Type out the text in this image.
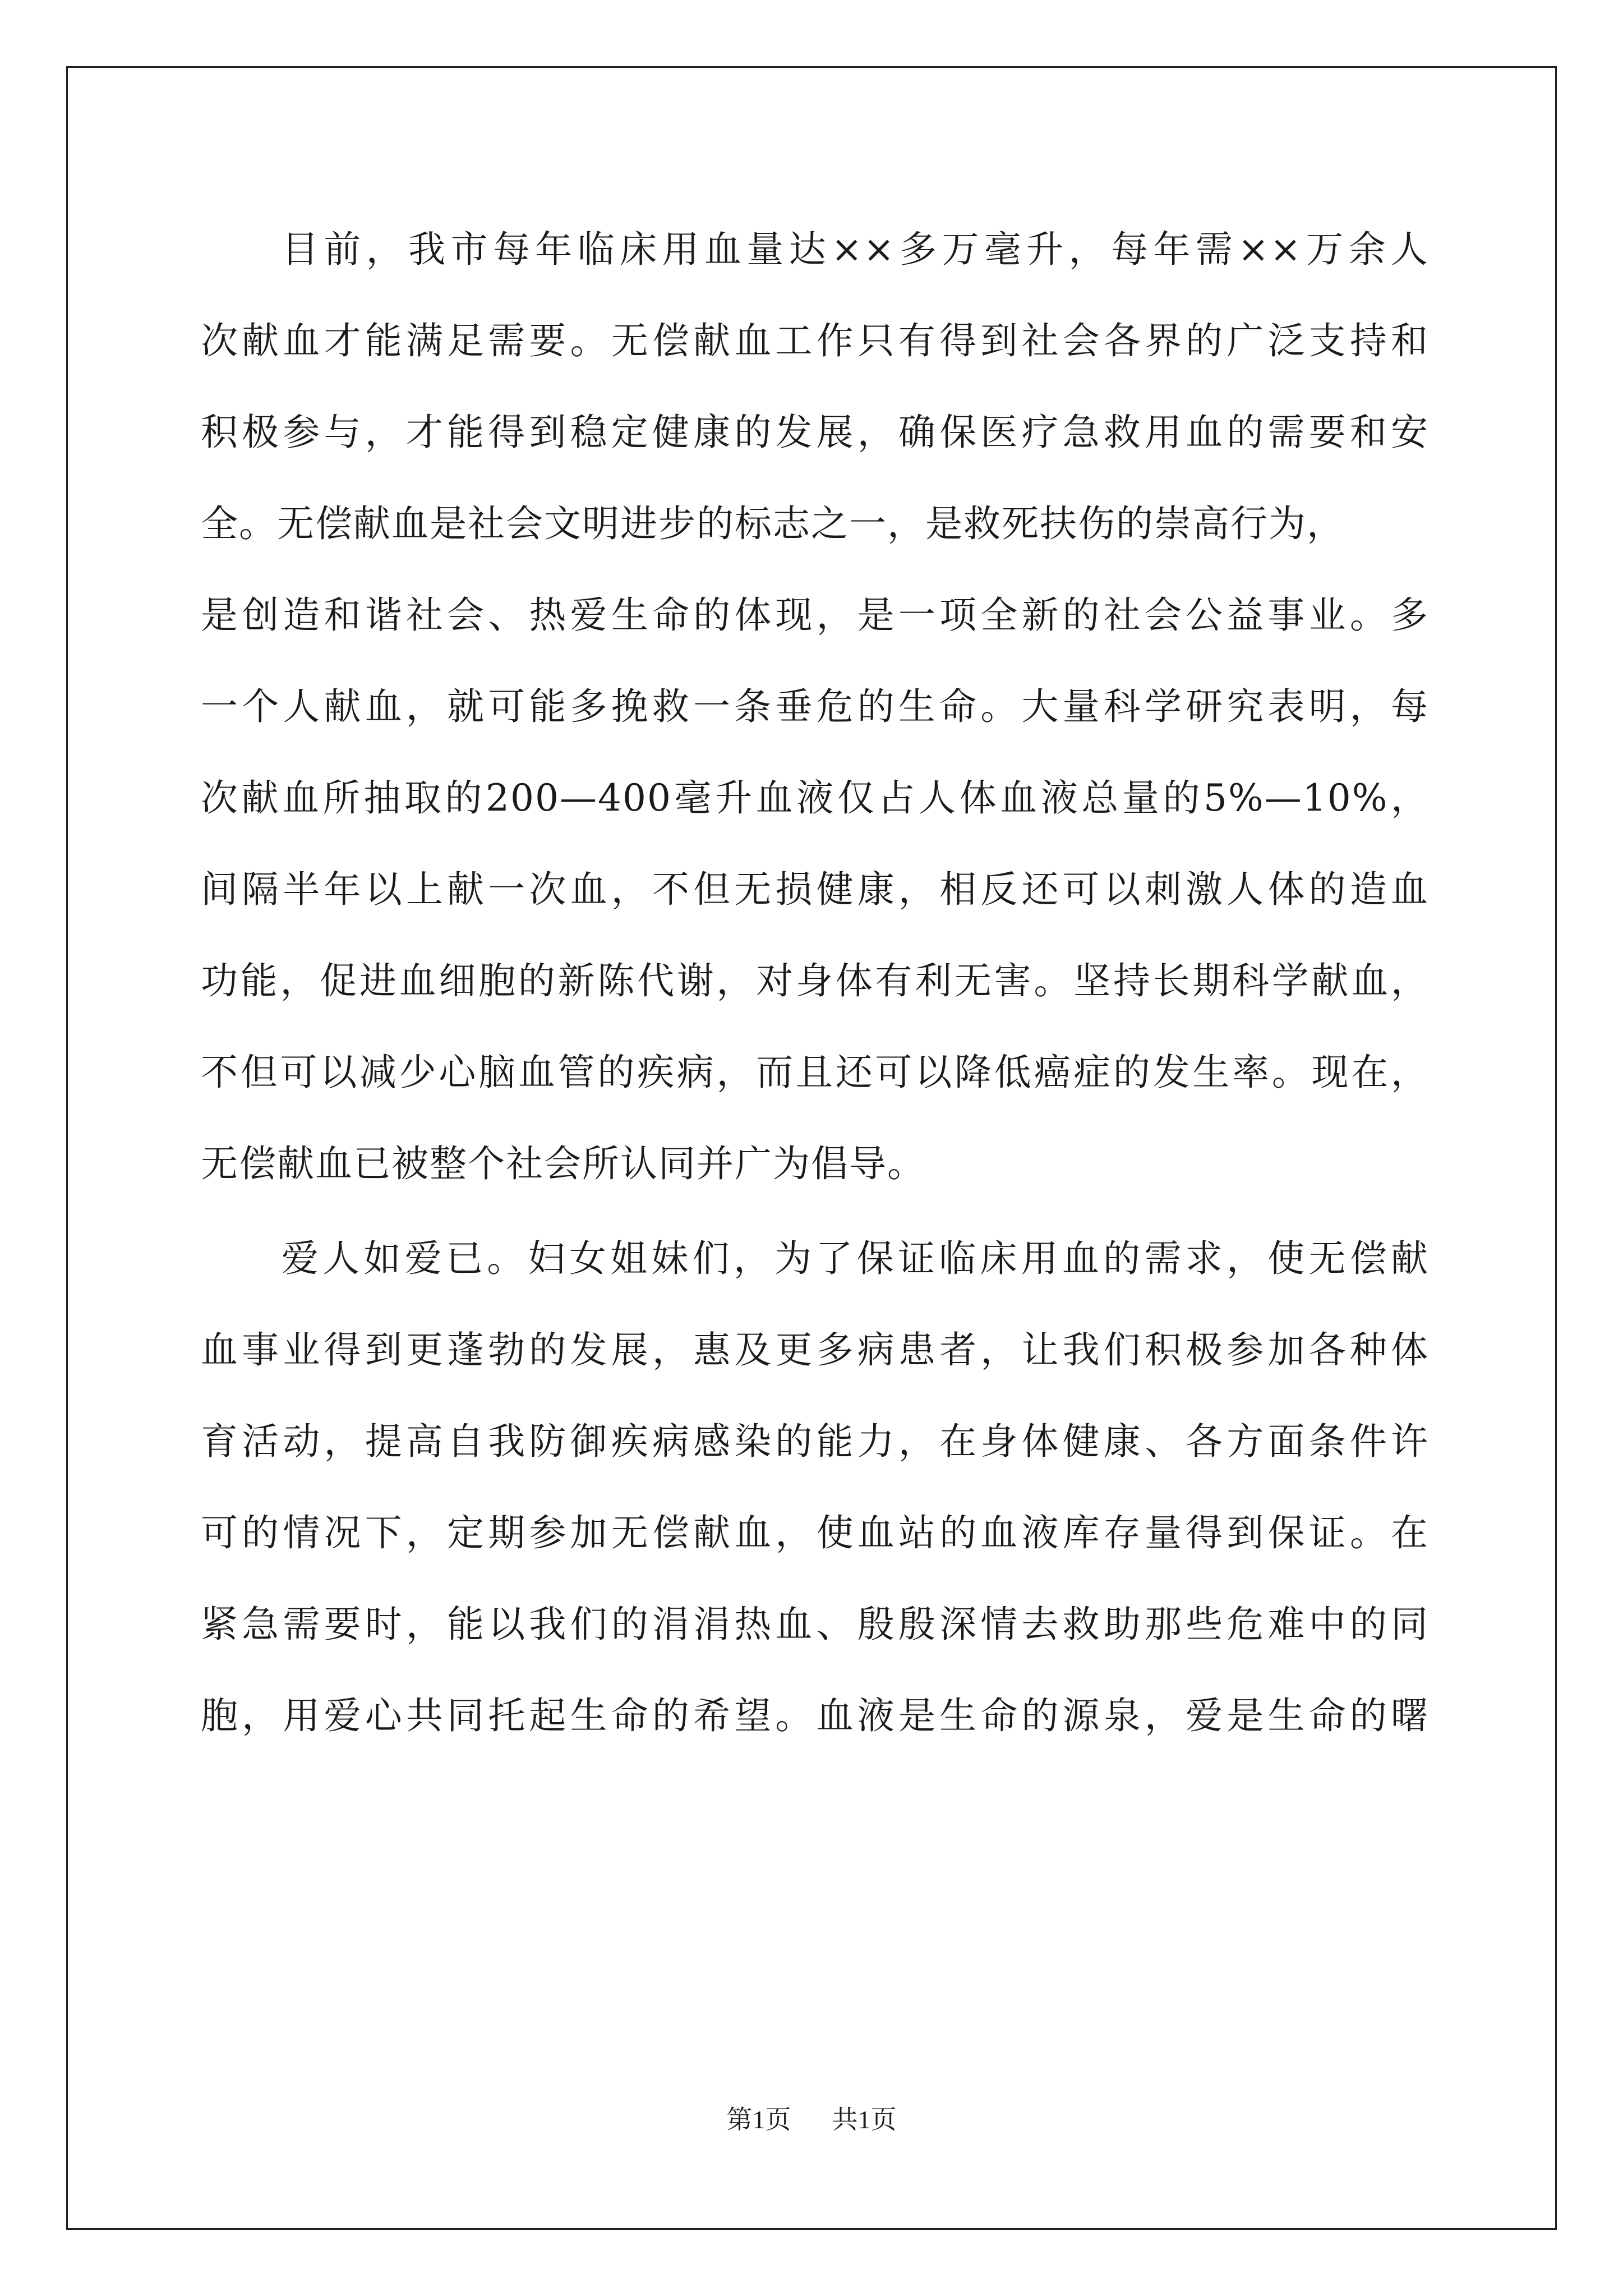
目前，我市每年临床用血量达××多万毫升，每年需××万余人
次献血才能满足需要。无偿献血工作只有得到社会各界的广泛支持和
积极参与，才能得到稳定健康的发展，确保医疗急救用血的需要和安
全。无偿献血是社会文明进步的标志之一，是救死扶伤的崇高行为，
是创造和谐社会、热爱生命的体现，是一项全新的社会公益事业。多
一个人献血，就可能多挽救一条垂危的生命。大量科学研究表明，每
次献血所抽取的200—400毫升血液仅占人体血液总量的5%—10%，
间隔半年以上献一次血，不但无损健康，相反还可以刺激人体的造血
功能，促进血细胞的新陈代谢，对身体有利无害。坚持长期科学献血，
不但可以减少心脑血管的疾病，而且还可以降低癌症的发生率。现在，
无偿献血已被整个社会所认同并广为倡导。
爱人如爱已。妇女姐妹们，为了保证临床用血的需求，使无偿献
血事业得到更蓬勃的发展，惠及更多病患者，让我们积极参加各种体
育活动，提高自我防御疾病感染的能力，在身体健康、各方面条件许
可的情况下，定期参加无偿献血，使血站的血液库存量得到保证。在
紧急需要时，能以我们的涓涓热血、殷殷深情去救助那些危难中的同
胞，用爱心共同托起生命的希望。血液是生命的源泉，爱是生命的曙
第1页 共1页
